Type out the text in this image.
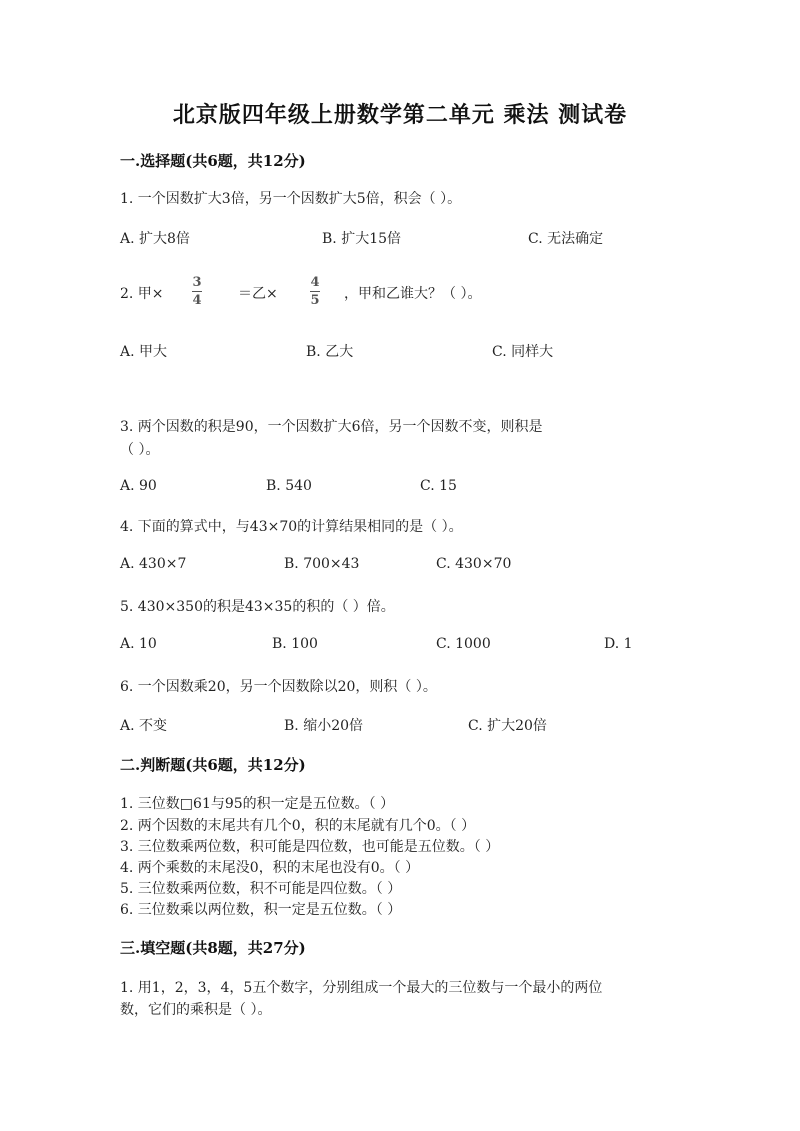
北京版四年级上册数学第二单元 乘法 测试卷
一.选择题(共6题，共12分)
1. 一个因数扩大3倍，另一个因数扩大5倍，积会（ ）。
A. 扩大8倍	B. 扩大15倍	C. 无法确定
2. 甲×
3
4	＝乙×
4
5 ，甲和乙谁大？（ ）。
A. 甲大	B. 乙大	C. 同样大
3. 两个因数的积是90，一个因数扩大6倍，另一个因数不变，则积是
（ ）。
A. 90	B. 540	C. 15
4. 下面的算式中，与43×70的计算结果相同的是（ ）。
A. 430×7	B. 700×43	C. 430×70
5. 430×350的积是43×35的积的（ ）倍。
A. 10	B. 100	C. 1000	D. 1
6. 一个因数乘20，另一个因数除以20，则积（ ）。
A. 不变	B. 缩小20倍	C. 扩大20倍
二.判断题(共6题，共12分)
1. 三位数□61与95的积一定是五位数。（ ）
2. 两个因数的末尾共有几个0，积的末尾就有几个0。（ ）
3. 三位数乘两位数，积可能是四位数，也可能是五位数。（ ）
4. 两个乘数的末尾没0，积的末尾也没有0。（ ）
5. 三位数乘两位数，积不可能是四位数。（ ）
6. 三位数乘以两位数，积一定是五位数。（ ）
三.填空题(共8题，共27分)
1. 用1，2，3，4，5五个数字，分别组成一个最大的三位数与一个最小的两位
数，它们的乘积是（ ）。
